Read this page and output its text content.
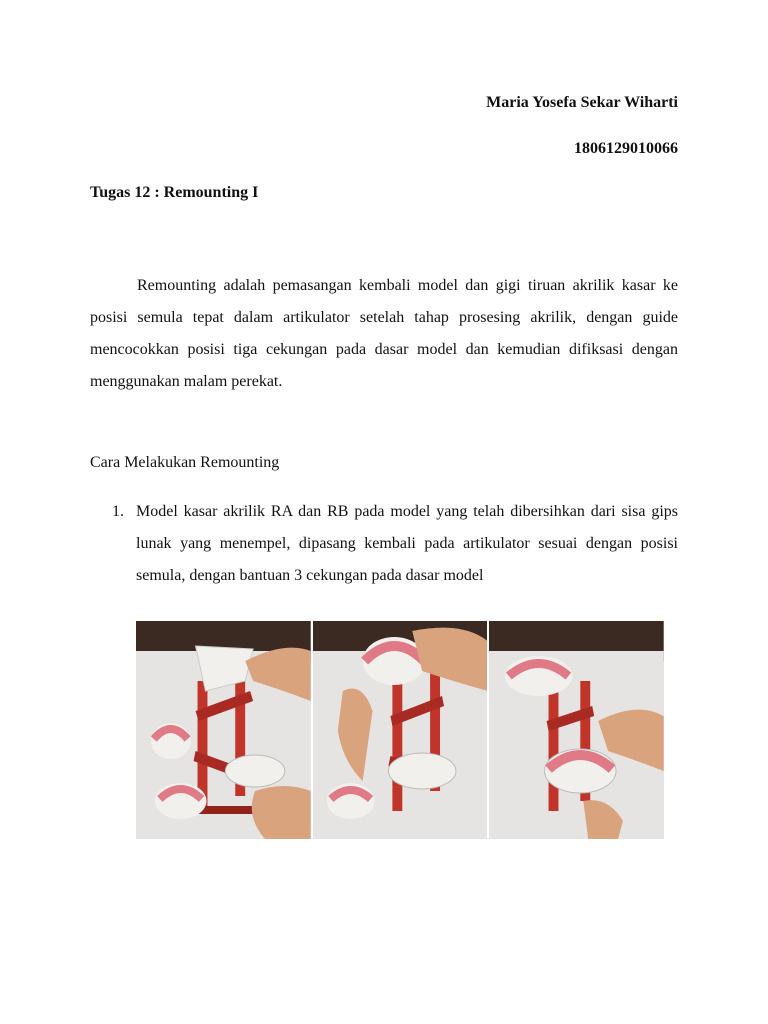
Maria Yosefa Sekar Wiharti
1806129010066
Tugas 12 : Remounting I

Remounting adalah pemasangan kembali model dan gigi tiruan akrilik kasar ke posisi semula tepat dalam artikulator setelah tahap prosesing akrilik, dengan guide mencocokkan posisi tiga cekungan pada dasar model dan kemudian difiksasi dengan menggunakan malam perekat.

Cara Melakukan Remounting
1. Model kasar akrilik RA dan RB pada model yang telah dibersihkan dari sisa gips lunak yang menempel, dipasang kembali pada artikulator sesuai dengan posisi semula, dengan bantuan 3 cekungan pada dasar model
